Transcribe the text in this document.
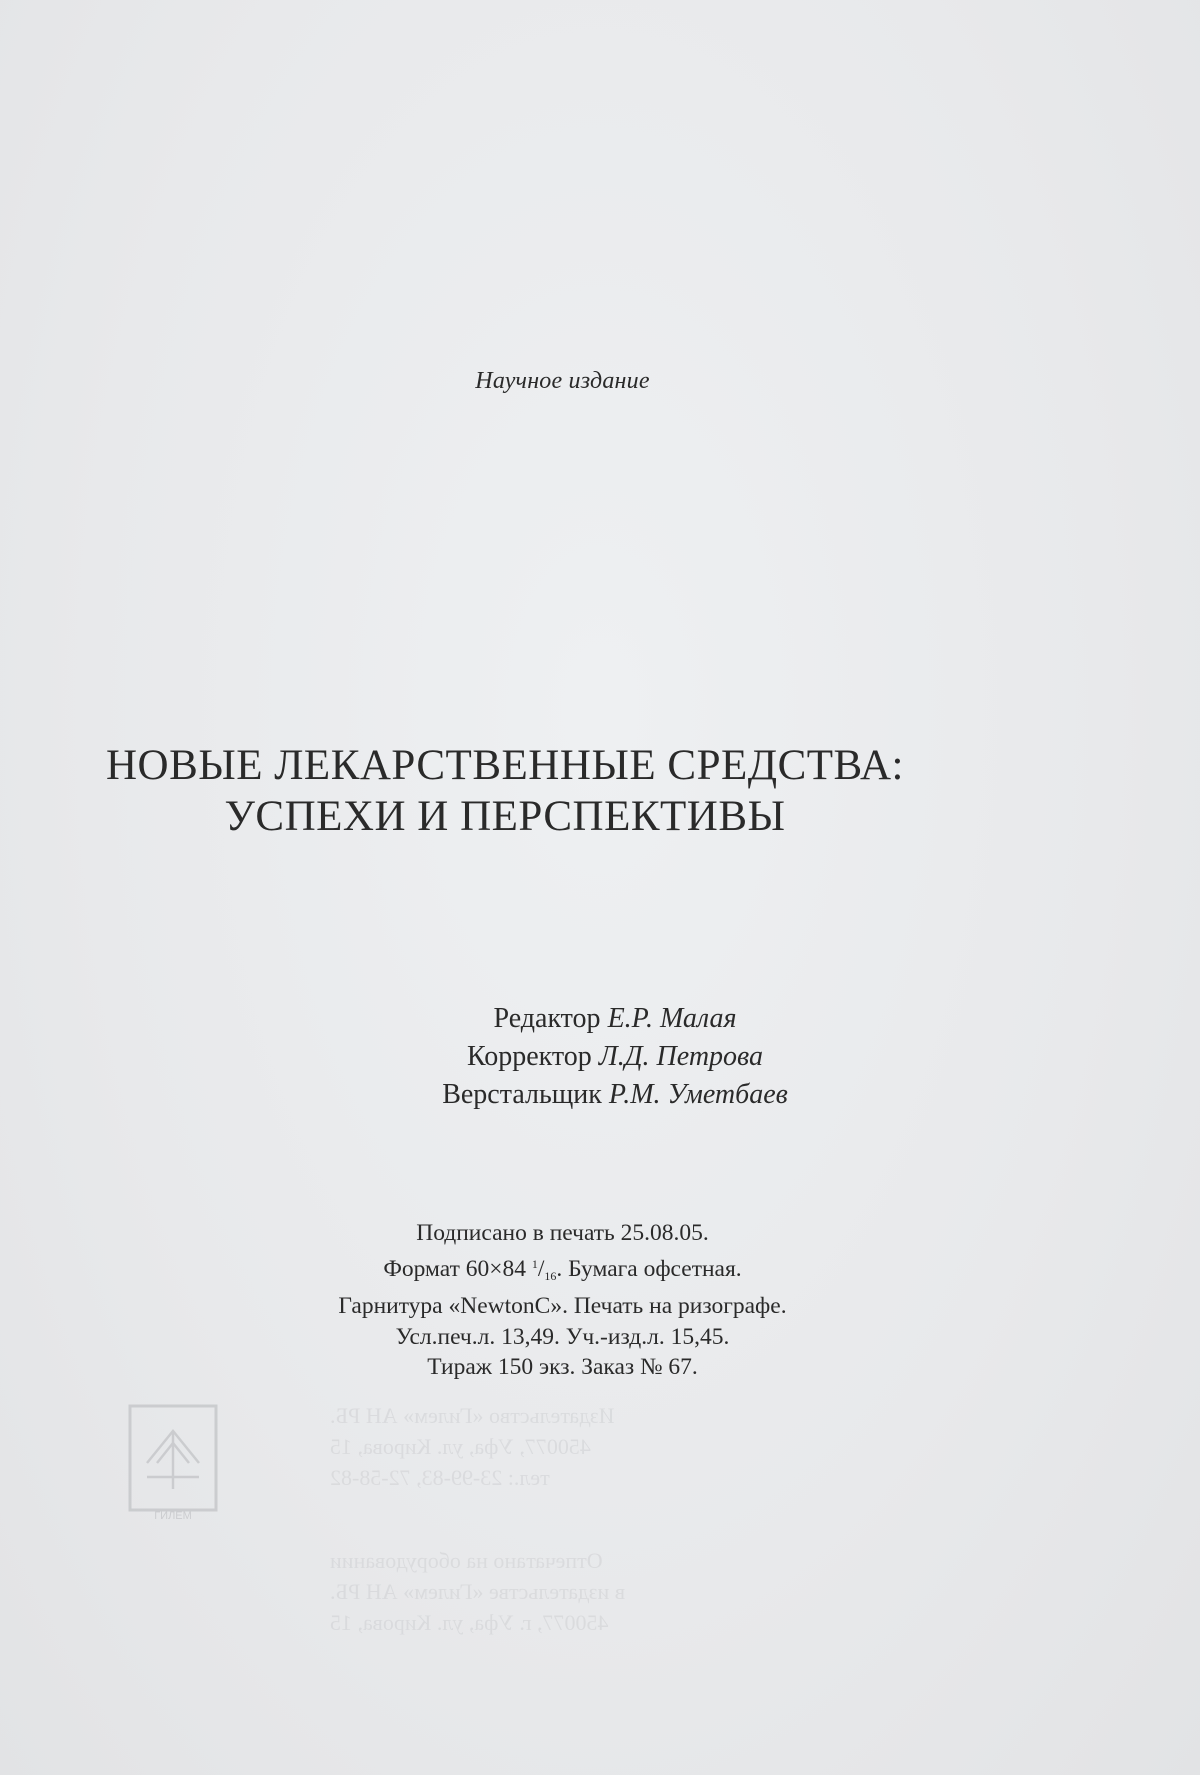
Научное издание
НОВЫЕ ЛЕКАРСТВЕННЫЕ СРЕДСТВА:
УСПЕХИ И ПЕРСПЕКТИВЫ
Редактор Е.Р. Малая
Корректор Л.Д. Петрова
Верстальщик Р.М. Уметбаев
Подписано в печать 25.08.05.
Формат 60×84 $^1/_{16}$. Бумага офсетная.
Гарнитура «NewtonC». Печать на ризографе.
Усл.печ.л. 13,49. Уч.-изд.л. 15,45.
Тираж 150 экз. Заказ № 67.
ГИЛЕМ
Издательство «Гилем» АН РБ.
450077, Уфа, ул. Кирова, 15
тел.: 23-99-83, 72-58-82
Отпечатано на оборудовании
в издательстве «Гилем» АН РБ.
450077, г. Уфа, ул. Кирова, 15
